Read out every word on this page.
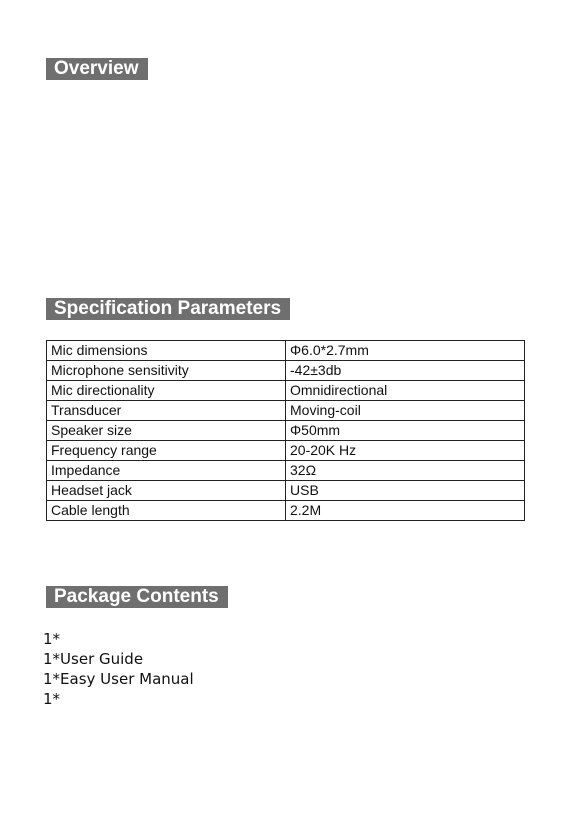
Overview
Specification Parameters
Mic dimensions	Φ6.0*2.7mm
Microphone sensitivity	-42±3db
Mic directionality	Omnidirectional
Transducer	Moving-coil
Speaker size	Φ50mm
Frequency range	20-20K Hz
Impedance	32Ω
Headset jack	USB
Cable length	2.2M
Package Contents
1*
1*User Guide
1*Easy User Manual
1*
